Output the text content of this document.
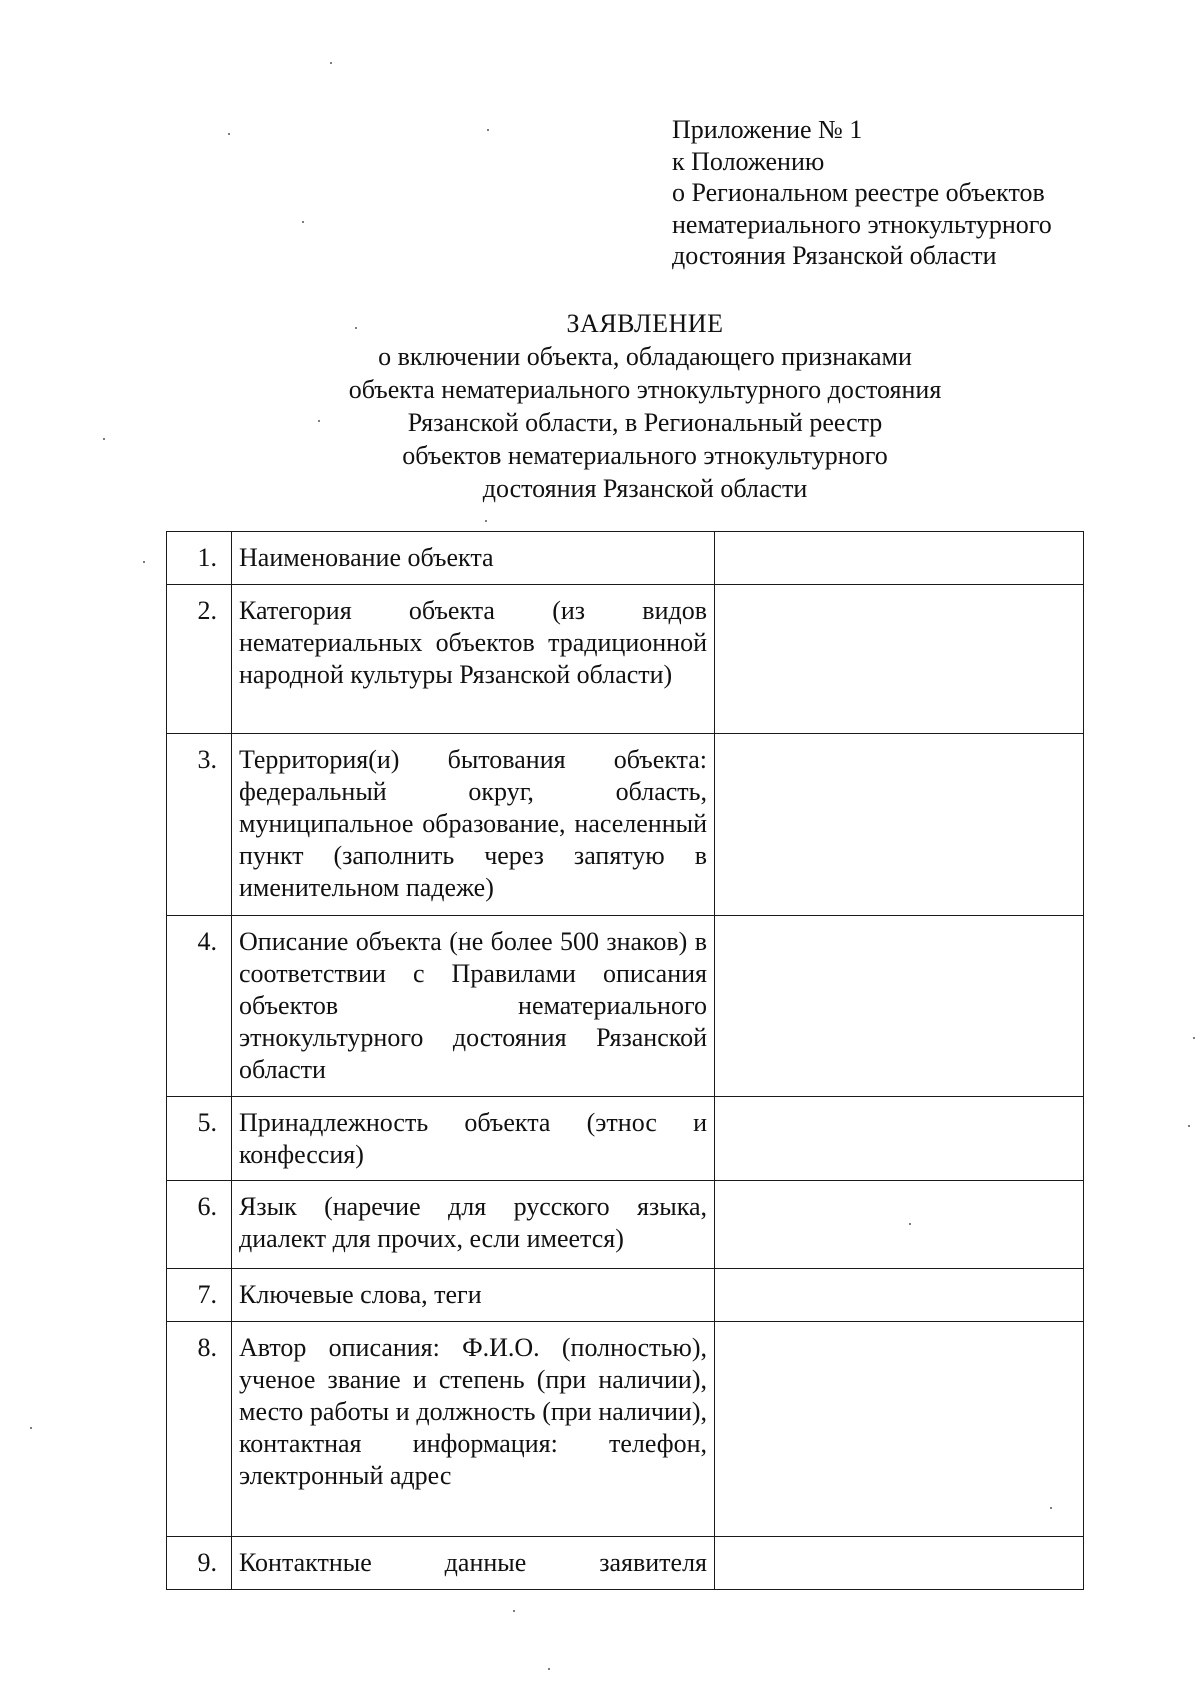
Приложение № 1
к Положению
о Региональном реестре объектов
нематериального этнокультурного
достояния Рязанской области
ЗАЯВЛЕНИЕ
о включении объекта, обладающего признаками
объекта нематериального этнокультурного достояния
Рязанской области, в Региональный реестр
объектов нематериального этнокультурного
достояния Рязанской области
1.	Наименование объекта	
2.	Категория объекта (из видов нематериальных объектов традиционной народной культуры Рязанской области)	
3.	Территория(и) бытования объекта: федеральный округ, область, муниципальное образование, населенный пункт (заполнить через запятую в именительном падеже)	
4.	Описание объекта (не более 500 знаков) в соответствии с Правилами описания объектов нематериального этнокультурного достояния Рязанской области	
5.	Принадлежность объекта (этнос и конфессия)	
6.	Язык (наречие для русского языка, диалект для прочих, если имеется)	
7.	Ключевые слова, теги	
8.	Автор описания: Ф.И.О. (полностью), ученое звание и степень (при наличии), место работы и должность (при наличии), контактная информация: телефон, электронный адрес	
9.	Контактные данные заявителя	
